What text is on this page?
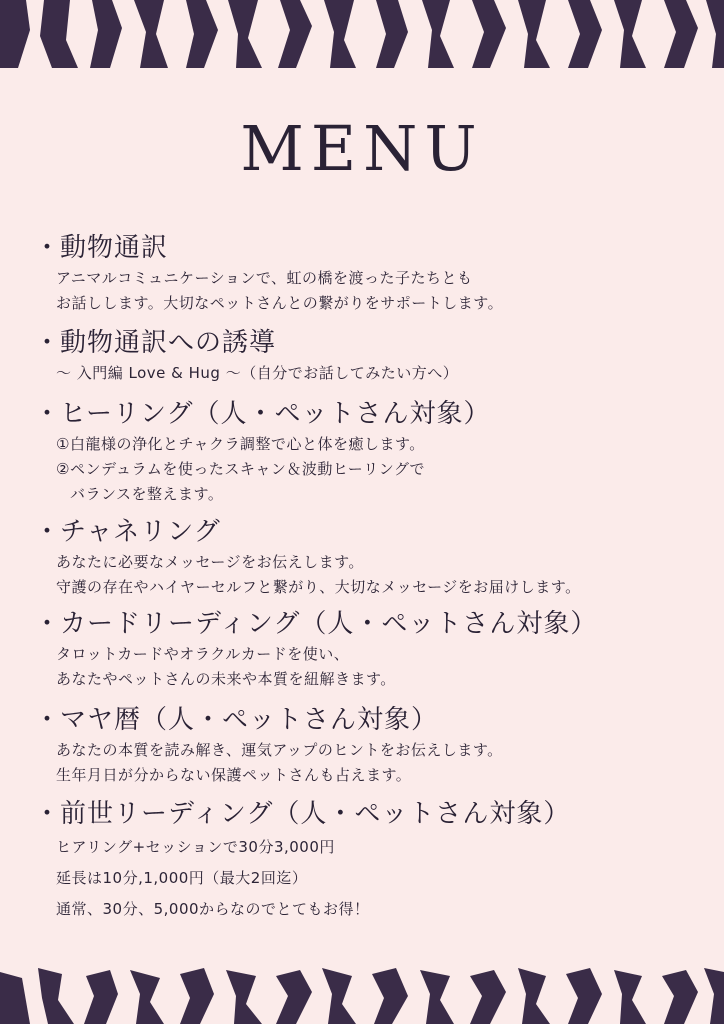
MENU
・動物通訳
アニマルコミュニケーションで、虹の橋を渡った子たちとも
お話しします。大切なペットさんとの繋がりをサポートします。
・動物通訳への誘導
～ 入門編 Love & Hug ～（自分でお話してみたい方へ）
・ヒーリング（人・ペットさん対象）
①白龍様の浄化とチャクラ調整で心と体を癒します。
②ペンデュラムを使ったスキャン＆波動ヒーリングで
バランスを整えます。
・チャネリング
あなたに必要なメッセージをお伝えします。
守護の存在やハイヤーセルフと繋がり、大切なメッセージをお届けします。
・カードリーディング（人・ペットさん対象）
タロットカードやオラクルカードを使い、
あなたやペットさんの未来や本質を紐解きます。
・マヤ暦（人・ペットさん対象）
あなたの本質を読み解き、運気アップのヒントをお伝えします。
生年月日が分からない保護ペットさんも占えます。
・前世リーディング（人・ペットさん対象）
ヒアリング+セッションで30分3,000円
延長は10分,1,000円（最大2回迄）
通常、30分、5,000からなのでとてもお得！
